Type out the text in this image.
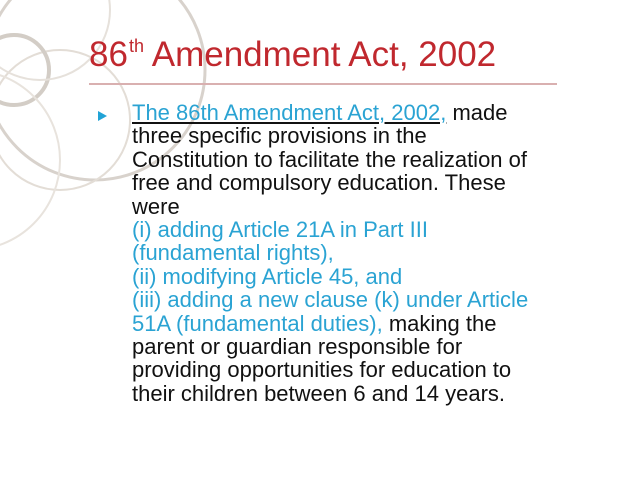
86th Amendment Act, 2002
The 86th Amendment Act, 2002, made
three specific provisions in the
Constitution to facilitate the realization of
free and compulsory education. These
were
(i) adding Article 21A in Part III
(fundamental rights),
(ii) modifying Article 45, and
(iii) adding a new clause (k) under Article
51A (fundamental duties), making the
parent or guardian responsible for
providing opportunities for education to
their children between 6 and 14 years.
